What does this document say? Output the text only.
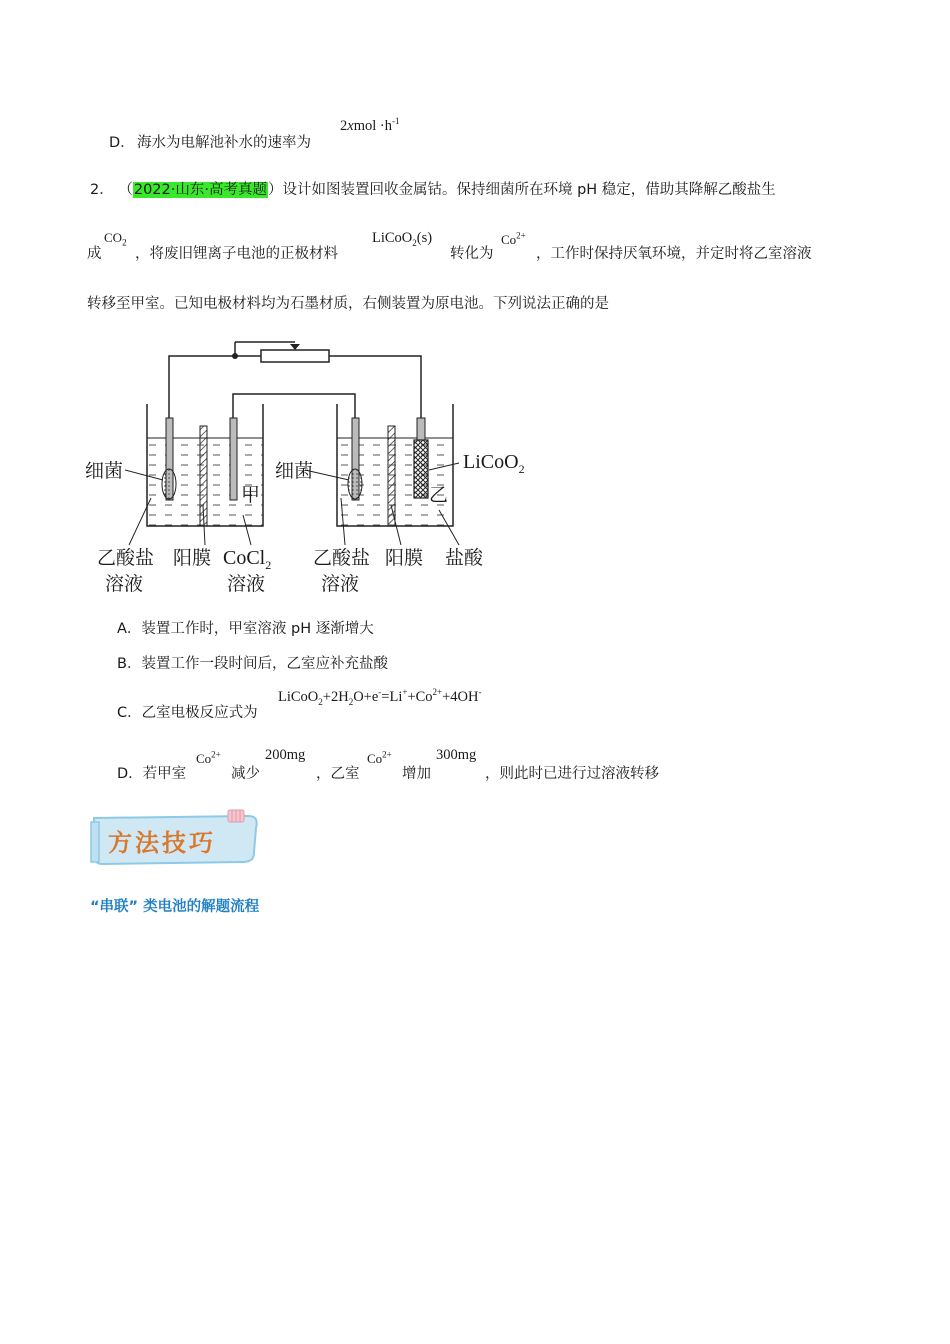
D． 海水为电解池补水的速率为
2xmol $\cdot h^{-1}$
2． （2022·山东·高考真题）设计如图装置回收金属钴。保持细菌所在环境 pH 稳定，借助其降解乙酸盐生
成
$CO_2$
，将废旧锂离子电池的正极材料
LiCoO$_2$(s)
转化为
$Co^{2+}$
，工作时保持厌氧环境，并定时将乙室溶液
转移至甲室。已知电极材料均为石墨材质，右侧装置为原电池。下列说法正确的是
细菌	细菌
甲	乙
LiCoO$_2$
乙酸盐
溶液
阳膜 CoCl$_2$
溶液
乙酸盐
溶液
阳膜 盐酸
A．装置工作时，甲室溶液 pH 逐渐增大
B．装置工作一段时间后，乙室应补充盐酸
C．乙室电极反应式为
$LiCoO_2+2H_2O+e^-=Li^++Co^{2+}+4OH^-$
D．若甲室
$Co^{2+}$
减少
200mg
，乙室
$Co^{2+}$
增加
300mg
，则此时已进行过溶液转移
方法技巧
“串联” 类电池的解题流程
